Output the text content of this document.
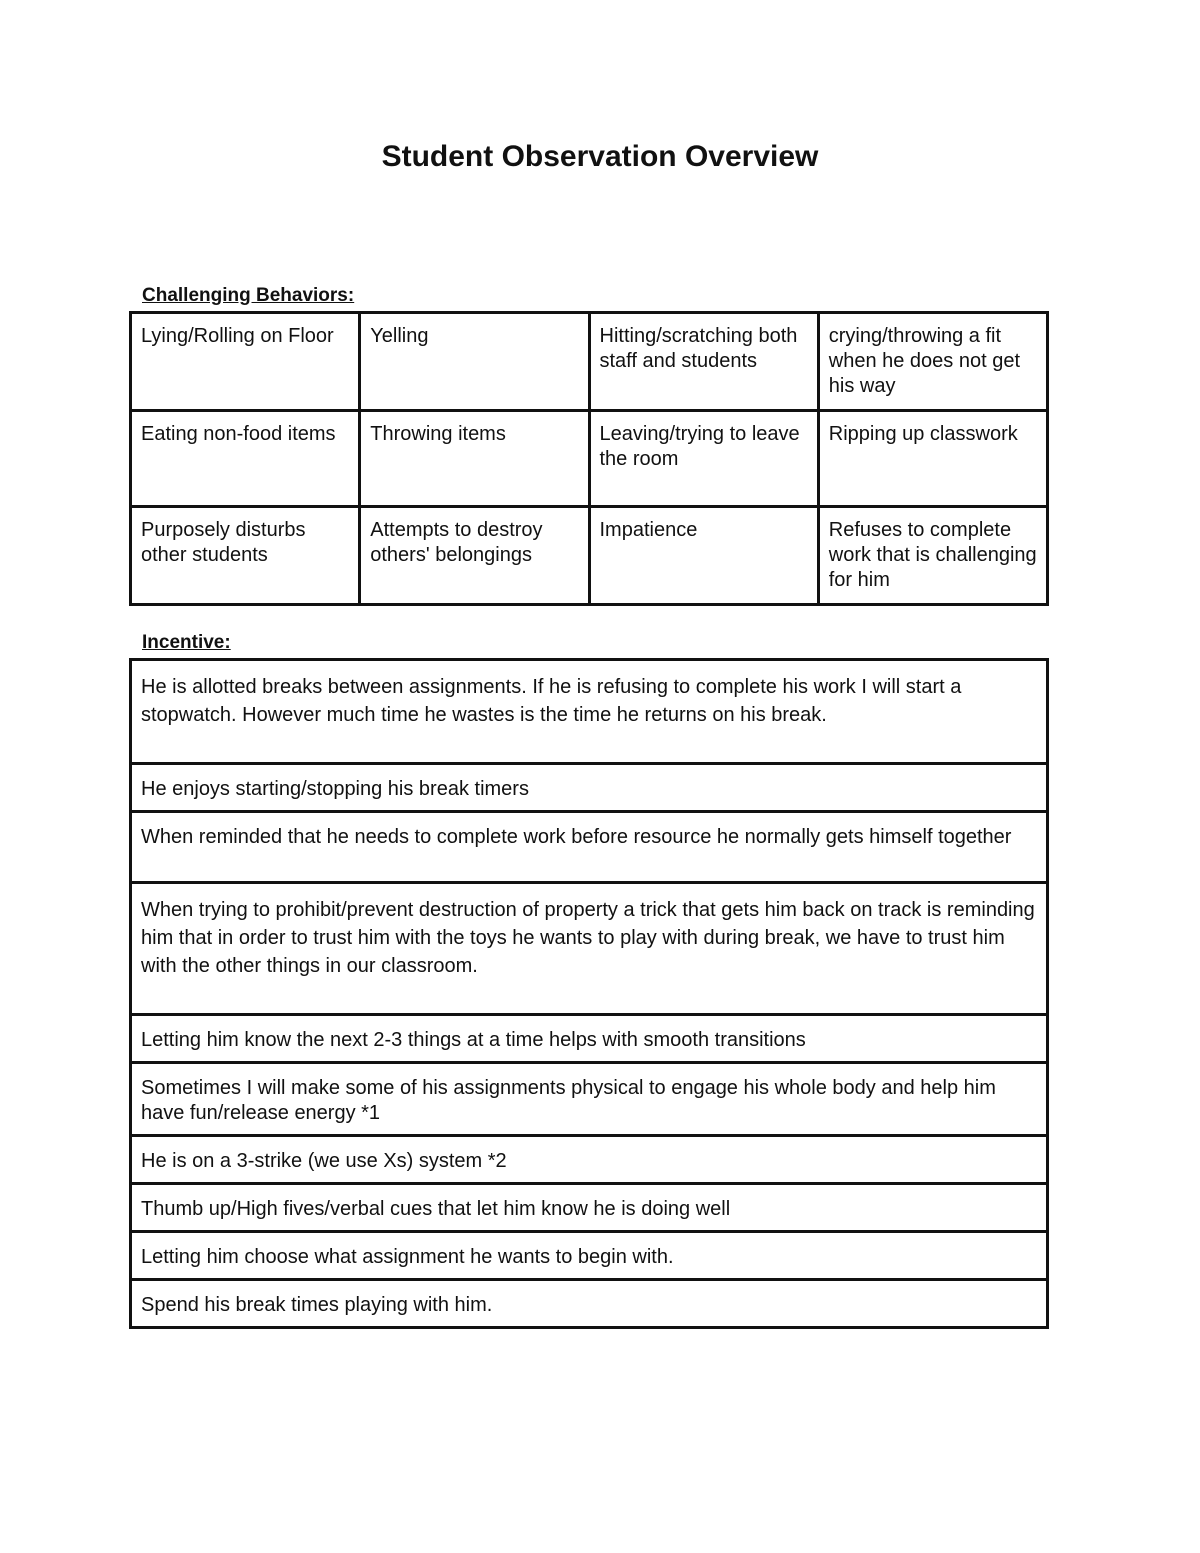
Student Observation Overview
Challenging Behaviors:
Lying/Rolling on Floor	Yelling	Hitting/scratching both staff and students	crying/throwing a fit when he does not get his way
Eating non-food items	Throwing items	Leaving/trying to leave the room	Ripping up classwork
Purposely disturbs other students	Attempts to destroy others' belongings	Impatience	Refuses to complete work that is challenging for him
Incentive:
He is allotted breaks between assignments. If he is refusing to complete his work I will start a stopwatch. However much time he wastes is the time he returns on his break.
He enjoys starting/stopping his break timers
When reminded that he needs to complete work before resource he normally gets himself together
When trying to prohibit/prevent destruction of property a trick that gets him back on track is reminding him that in order to trust him with the toys he wants to play with during break, we have to trust him with the other things in our classroom.
Letting him know the next 2-3 things at a time helps with smooth transitions
Sometimes I will make some of his assignments physical to engage his whole body and help him have fun/release energy *1
He is on a 3-strike (we use Xs) system *2
Thumb up/High fives/verbal cues that let him know he is doing well
Letting him choose what assignment he wants to begin with.
Spend his break times playing with him.
